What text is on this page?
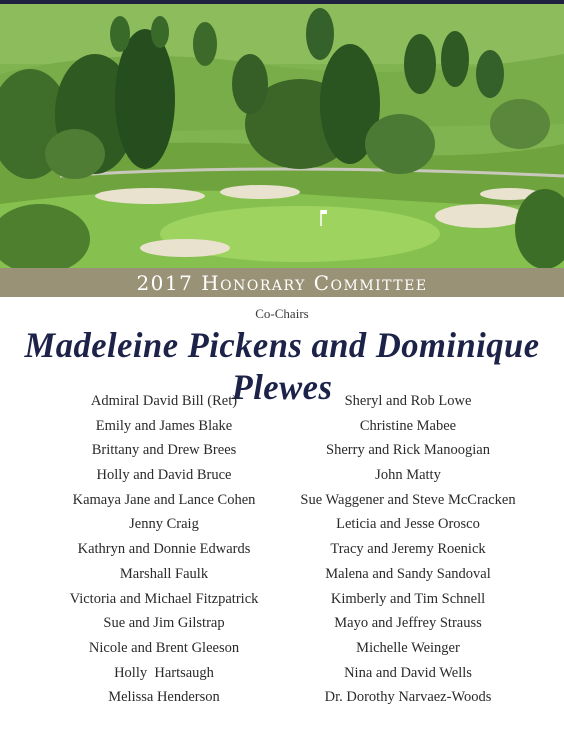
2017 Honorary Committee
Co-Chairs
Madeleine Pickens and Dominique Plewes
Admiral David Bill (Ret)
Emily and James Blake
Brittany and Drew Brees
Holly and David Bruce
Kamaya Jane and Lance Cohen
Jenny Craig
Kathryn and Donnie Edwards
Marshall Faulk
Victoria and Michael Fitzpatrick
Sue and Jim Gilstrap
Nicole and Brent Gleeson
Holly  Hartsaugh
Melissa Henderson
Sheryl and Rob Lowe
Christine Mabee
Sherry and Rick Manoogian
John Matty
Sue Waggener and Steve McCracken
Leticia and Jesse Orosco
Tracy and Jeremy Roenick
Malena and Sandy Sandoval
Kimberly and Tim Schnell
Mayo and Jeffrey Strauss
Michelle Weinger
Nina and David Wells
Dr. Dorothy Narvaez-Woods
